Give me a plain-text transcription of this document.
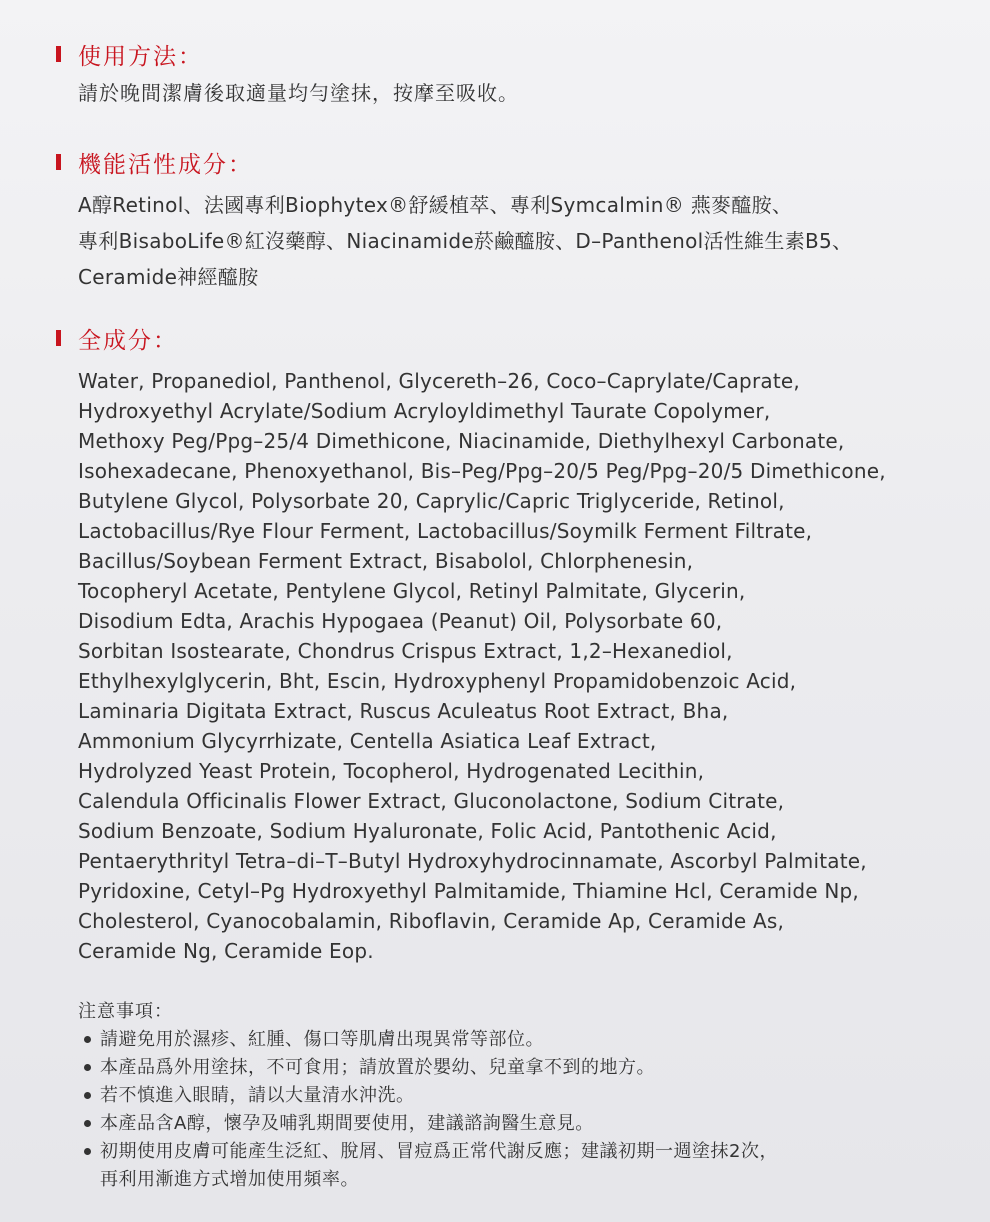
使用方法：
請於晚間潔膚後取適量均勻塗抹，按摩至吸收。
機能活性成分：
A醇Retinol、法國專利Biophytex®舒緩植萃、專利Symcalmin® 燕麥醯胺、
專利BisaboLife®紅沒藥醇、Niacinamide菸鹼醯胺、D–Panthenol活性維生素B5、
Ceramide神經醯胺
全成分：
Water, Propanediol, Panthenol, Glycereth–26, Coco–Caprylate/Caprate,
Hydroxyethyl Acrylate/Sodium Acryloyldimethyl Taurate Copolymer,
Methoxy Peg/Ppg–25/4 Dimethicone, Niacinamide, Diethylhexyl Carbonate,
Isohexadecane, Phenoxyethanol, Bis–Peg/Ppg–20/5 Peg/Ppg–20/5 Dimethicone,
Butylene Glycol, Polysorbate 20, Caprylic/Capric Triglyceride, Retinol,
Lactobacillus/Rye Flour Ferment, Lactobacillus/Soymilk Ferment Filtrate,
Bacillus/Soybean Ferment Extract, Bisabolol, Chlorphenesin,
Tocopheryl Acetate, Pentylene Glycol, Retinyl Palmitate, Glycerin,
Disodium Edta, Arachis Hypogaea (Peanut) Oil, Polysorbate 60,
Sorbitan Isostearate, Chondrus Crispus Extract, 1,2–Hexanediol,
Ethylhexylglycerin, Bht, Escin, Hydroxyphenyl Propamidobenzoic Acid,
Laminaria Digitata Extract, Ruscus Aculeatus Root Extract, Bha,
Ammonium Glycyrrhizate, Centella Asiatica Leaf Extract,
Hydrolyzed Yeast Protein, Tocopherol, Hydrogenated Lecithin,
Calendula Officinalis Flower Extract, Gluconolactone, Sodium Citrate,
Sodium Benzoate, Sodium Hyaluronate, Folic Acid, Pantothenic Acid,
Pentaerythrityl Tetra–di–T–Butyl Hydroxyhydrocinnamate, Ascorbyl Palmitate,
Pyridoxine, Cetyl–Pg Hydroxyethyl Palmitamide, Thiamine Hcl, Ceramide Np,
Cholesterol, Cyanocobalamin, Riboflavin, Ceramide Ap, Ceramide As,
Ceramide Ng, Ceramide Eop.
注意事項：
請避免用於濕疹、紅腫、傷口等肌膚出現異常等部位。
本產品爲外用塗抹，不可食用；請放置於嬰幼、兒童拿不到的地方。
若不慎進入眼睛，請以大量清水沖洗。
本產品含A醇，懷孕及哺乳期間要使用，建議諮詢醫生意見。
初期使用皮膚可能產生泛紅、脫屑、冒痘爲正常代謝反應；建議初期一週塗抹2次，
再利用漸進方式增加使用頻率。
